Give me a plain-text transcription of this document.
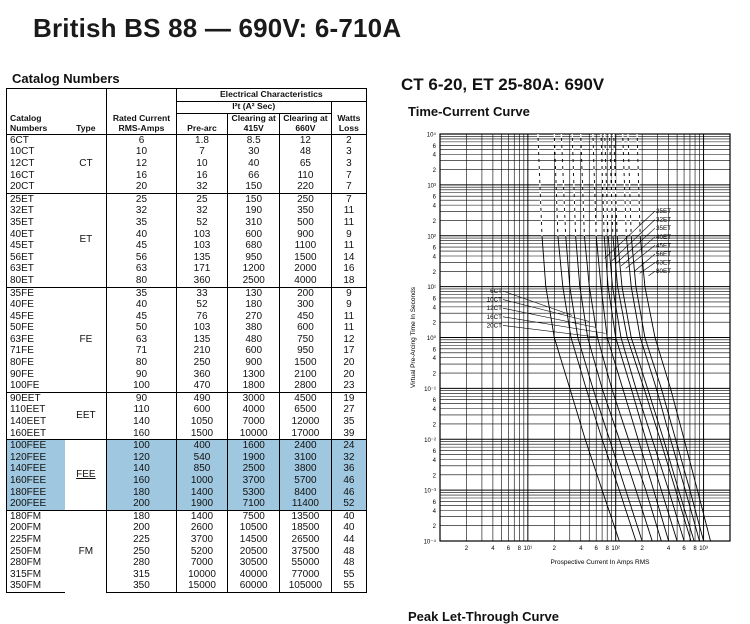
British BS 88 — 690V: 6-710A
Catalog Numbers	CT 6-20, ET 25-80A: 690V
Time-Current Curve
Peak Let-Through Curve
			Electrical Characteristics			
			I²t (A² Sec)			
Catalog Numbers	Type	Rated Current RMS-Amps	Pre-arc	Clearing at 415V	Clearing at 660V	Watts Loss
6CT	CT	6	1.8	8.5	12	2
10CT		10	7	30	48	3
12CT		12	10	40	65	3
16CT		16	16	66	110	7
20CT		20	32	150	220	7
25ET	ET	25	25	150	250	7
32ET		32	32	190	350	11
35ET		35	52	310	500	11
40ET		40	103	600	900	9
45ET		45	103	680	1100	11
56ET		56	135	950	1500	14
63ET		63	171	1200	2000	16
80ET		80	360	2500	4000	18
35FE	FE	35	33	130	200	9
40FE		40	52	180	300	9
45FE		45	76	270	450	11
50FE		50	103	380	600	11
63FE		63	135	480	750	12
71FE		71	210	600	950	17
80FE		80	250	900	1500	20
90FE		90	360	1300	2100	20
100FE		100	470	1800	2800	23
90EET	EET	90	490	3000	4500	19
110EET		110	600	4000	6500	27
140EET		140	1050	7000	12000	35
160EET		160	1500	10000	17000	39
100FEE	FEE	100	400	1600	2400	24
120FEE		120	540	1900	3100	32
140FEE		140	850	2500	3800	36
160FEE		160	1000	3700	5700	46
180FEE		180	1400	5300	8400	46
200FEE		200	1900	7100	11400	52
180FM	FM	180	1400	7500	13500	40
200FM		200	2600	10500	18500	40
225FM		225	3700	14500	26500	44
250FM		250	5200	20500	37500	48
280FM		280	7000	30500	55000	48
315FM		315	10000	40000	77000	55
350FM		350	15000	60000	105000	55
10⁴
6
4
2
10³
6
4
2
10²
6
4
2
10¹
6
4
2
10⁰
6
4
2
10⁻¹
6
4
2
10⁻²
6
4
2
10⁻³
6
4
2
10⁻⁴
2	4 6 8 10¹	2	4 6 8 10²	2	4 6 8 10³
Prospective Current In Amps RMS
Virtual Pre-Arcing Time In Seconds	6CT
10CT
12CT
16CT
20CT
25ET
32ET
35ET
40ET
45ET
56ET
63ET
80ET
